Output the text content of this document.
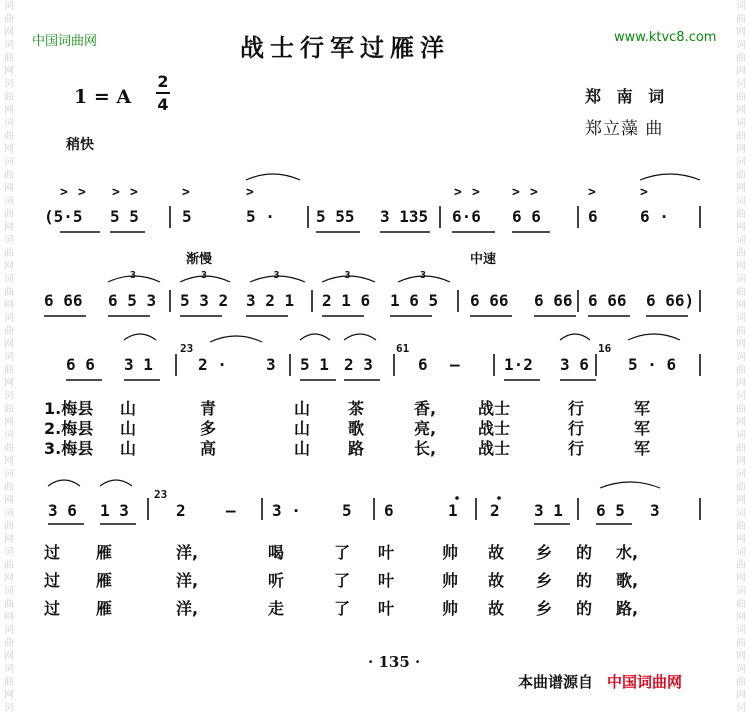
词
曲
网
词
曲
网
词
曲
网
词
曲
网
词
曲
网
词
曲
网
词
曲
网
词
曲
网
词
曲
网
词
曲
网
词
曲
网
词
曲
网
词
曲
网
词
曲
网
词
曲
网
词
曲
网
词
曲
网
词
曲
网
词
词
曲
网
词
曲
网
词
曲
网
词
曲
网
词
曲
网
词
曲
网
词
曲
网
词
曲
网
词
曲
网
词
曲
网
词
曲
网
词
曲
网
词
曲
网
词
曲
网
词
曲
网
词
曲
网
词
曲
网
词
曲
网
词
中国词曲网	www.ktvc8.com
战士行军过雁洋
1 = A
2
4	郑 南 词
郑立藻 曲
稍快
渐慢	中速
(5·5 5 5	5	5 ·	5 55 3 135 6·6 6 6	6	6 ·
6 66 6 5 3 5 3 2 3 2 1 2 1 6 1 6 5 6 66 6 66 6 66 6 66)
3	3	3	3	3
6 6 3 1	2 · 3 5 1 2 3	6 —	1·2 3 6 5 · 6
23	61	16
3 6 1 3	2	— 3 ·	5 6	1 2 3 1 6 5 3
23
> > > >	>	>	> > > >	>	>
1.梅县 山	青	山 茶	香,	战士	行	军
2.梅县 山	多	山 歌	亮,	战士	行	军
3.梅县 山	高	山 路	长,	战士	行	军
过 雁	洋,	喝	了 叶	帅 故 乡 的 水,
过 雁	洋,	听	了 叶	帅 故 乡 的 歌,
过 雁	洋,	走	了 叶	帅 故 乡 的 路,
· 135 ·
本曲谱源自 中国词曲网
